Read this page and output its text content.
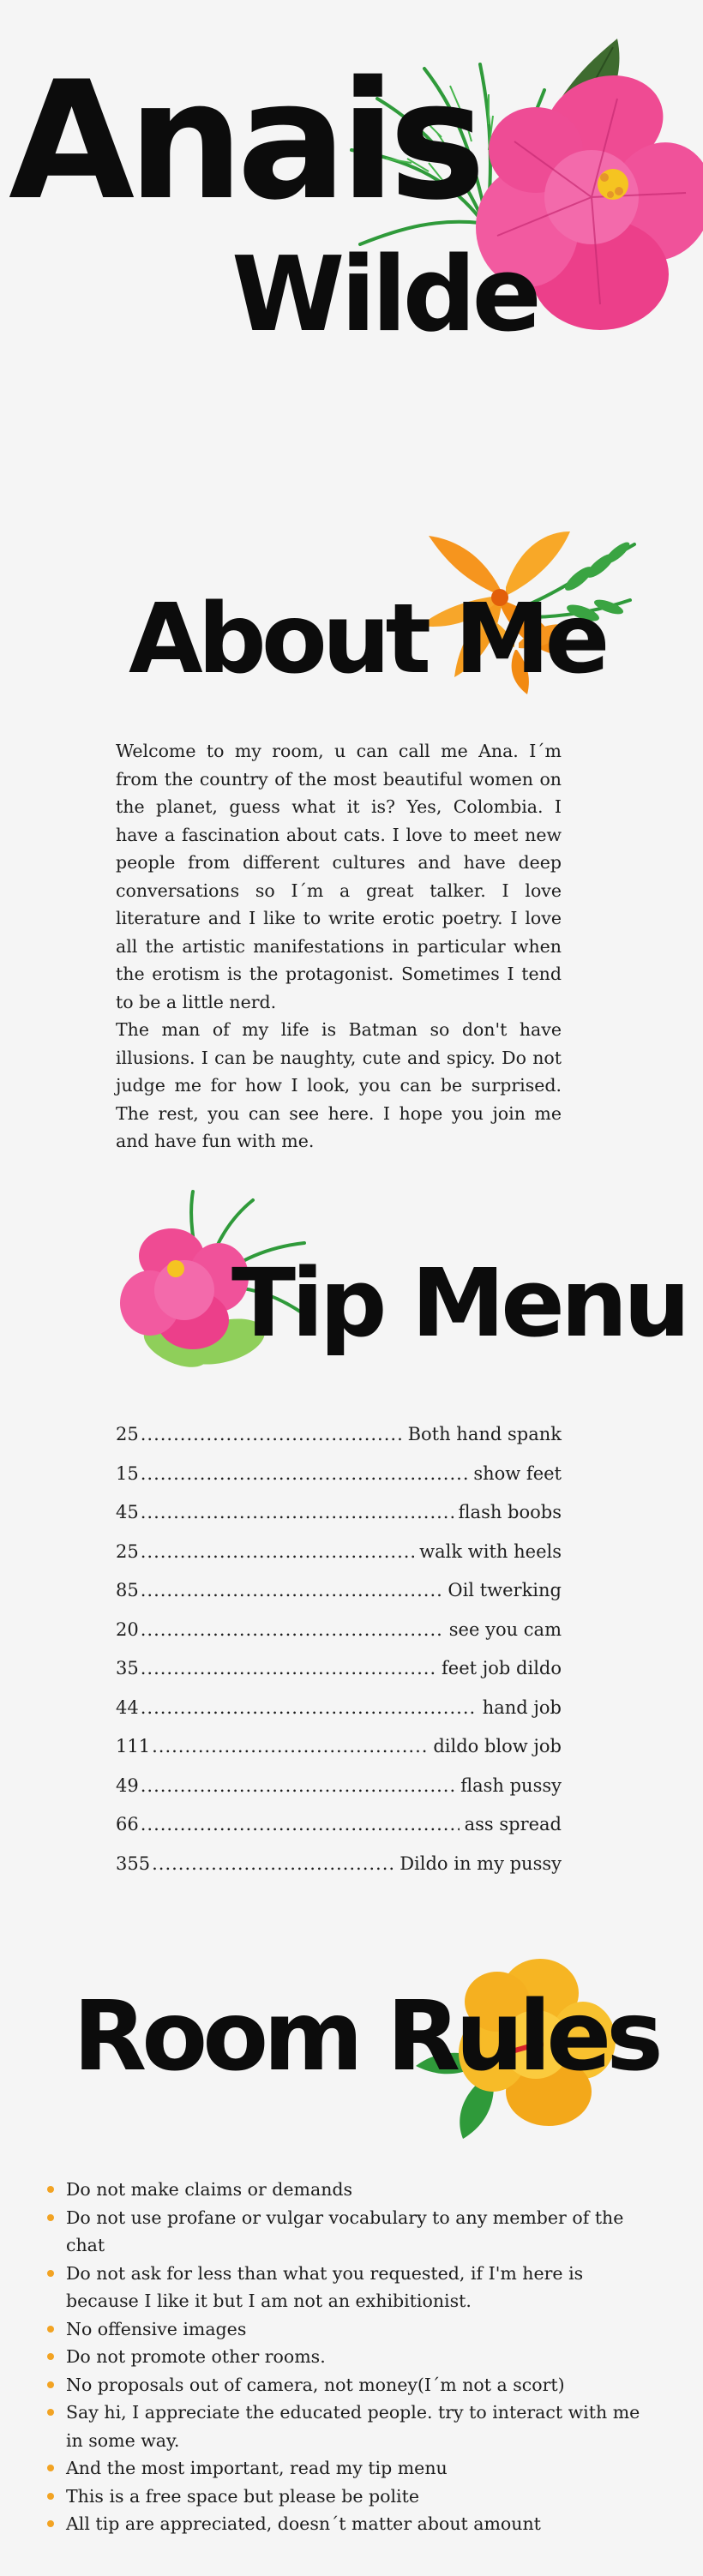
Anais
Wilde
About Me

Welcome to my room, u can call me Ana. I´m from the country of the most beautiful women on the planet, guess what it is? Yes, Colombia. I have a fascination about cats. I love to meet new people from different cultures and have deep conversations so I´m a great talker. I love literature and I like to write erotic poetry. I love all the artistic manifestations in particular when the erotism is the protagonist. Sometimes I tend to be a little nerd.

The man of my life is Batman so don't have illusions. I can be naughty, cute and spicy. Do not judge me for how I look, you can be surprised. The rest, you can see here. I hope you join me and have fun with me.

Tip Menu
25 .....	Both hand spank
15 .....	show feet
45 .....	flash boobs
25 .....	walk with heels
85 .....	Oil twerking
20 .....	see you cam
35 .....	feet job dildo
44 .....	hand job
111 .....	dildo blow job
49 .....	flash pussy
66 .....	ass spread
355 .....	Dildo in my pussy
Room Rules
Do not make claims or demands
Do not use profane or vulgar vocabulary to any member of the chat
Do not ask for less than what you requested, if I'm here is because I like it but I am not an exhibitionist.
No offensive images
Do not promote other rooms.
No proposals out of camera, not money(I´m not a scort)
Say hi, I appreciate the educated people. try to interact with me in some way.
And the most important, read my tip menu
This is a free space but please be polite
All tip are appreciated, doesn´t matter about amount
